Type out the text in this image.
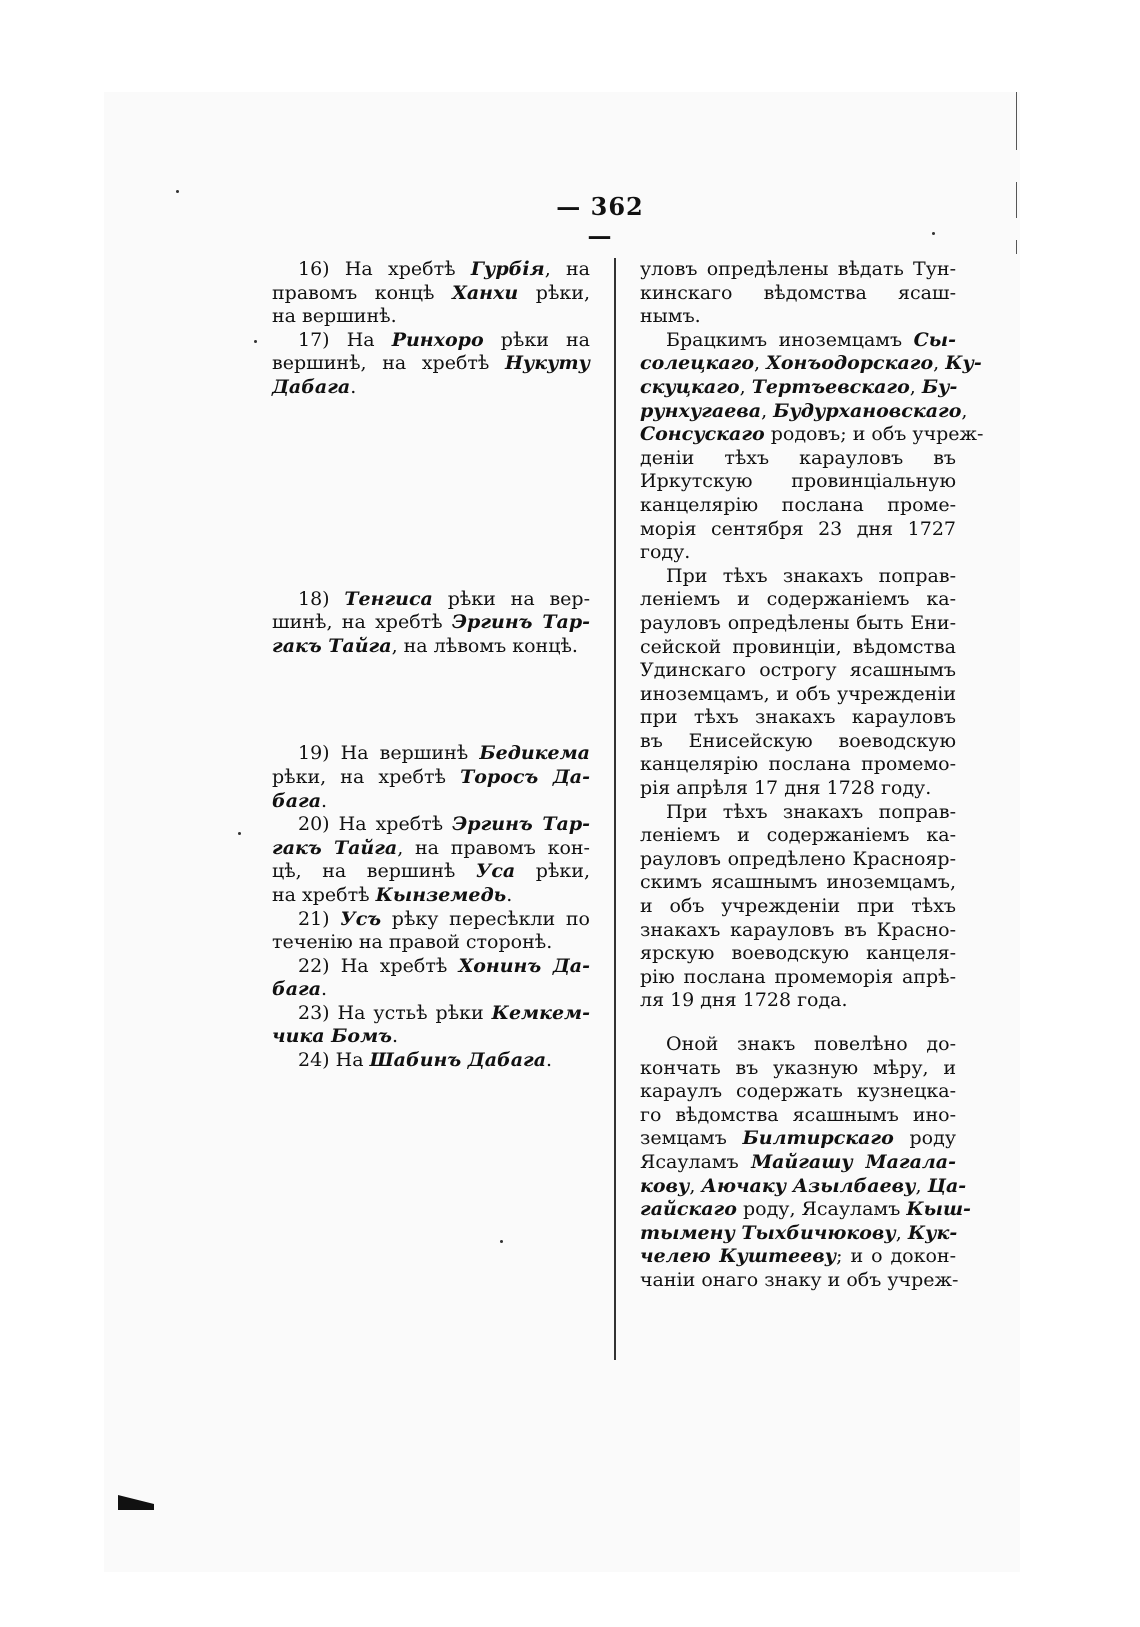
— 362 —
16) На хребтѣ Гурбія, на
правомъ концѣ Ханхи рѣки,
на вершинѣ.
17) На Ринхоро рѣки на
вершинѣ, на хребтѣ Нукуту
Дабага.
18) Тенгиса рѣки на вер-
шинѣ, на хребтѣ Эргинъ Тар-
гакъ Тайга, на лѣвомъ концѣ.
19) На вершинѣ Бедикема
рѣки, на хребтѣ Торосъ Да-
бага.
20) На хребтѣ Эргинъ Тар-
гакъ Тайга, на правомъ кон-
цѣ, на вершинѣ Уса рѣки,
на хребтѣ Кынземедь.
21) Усъ рѣку пересѣкли по
теченію на правой сторонѣ.
22) На хребтѣ Хонинъ Да-
бага.
23) На устьѣ рѣки Кемкем-
чика Бомъ.
24) На Шабинъ Дабага.
уловъ опредѣлены вѣдать Тун-
кинскаго вѣдомства ясаш-
нымъ.
Брацкимъ иноземцамъ Сы-
солецкаго, Хонъодорскаго, Ку-
скуцкаго, Тертъевскаго, Бу-
рунхугаева, Будурхановскаго
Сонсускаго родовъ; и объ учреж-
деніи тѣхъ карауловъ въ
Иркутскую провинціальную
канцелярію послана проме-
морія сентября 23 дня 1727
году.
При тѣхъ знакахъ поправ-
леніемъ и содержаніемъ ка-
рауловъ опредѣлены быть Ени-
сейской провинціи, вѣдомства
Удинскаго острогу ясашнымъ
иноземцамъ, и объ учрежденіи
при тѣхъ знакахъ карауловъ
въ Енисейскую воеводскую
канцелярію послана промемо-
рія апрѣля 17 дня 1728 году.
При тѣхъ знакахъ поправ-
леніемъ и содержаніемъ ка-
рауловъ опредѣлено Краснояр-
скимъ ясашнымъ иноземцамъ,
и объ учрежденіи при тѣхъ
знакахъ карауловъ въ Красно-
ярскую воеводскую канцеля-
рію послана промеморія апрѣ-
ля 19 дня 1728 года.
Оной знакъ повелѣно до-
кончать въ указную мѣру, и
караулъ содержать кузнецка-
го вѣдомства ясашнымъ ино-
земцамъ Билтирскаго роду
Ясауламъ Майгашу Магала-
кову, Аючаку Азылбаеву, Ца-
гайскаго роду, Ясауламъ Кыш-
тымену Тыхбичюкову, Кук-
челею Куштееву; и о докон-
чаніи онаго знаку и объ учреж-
